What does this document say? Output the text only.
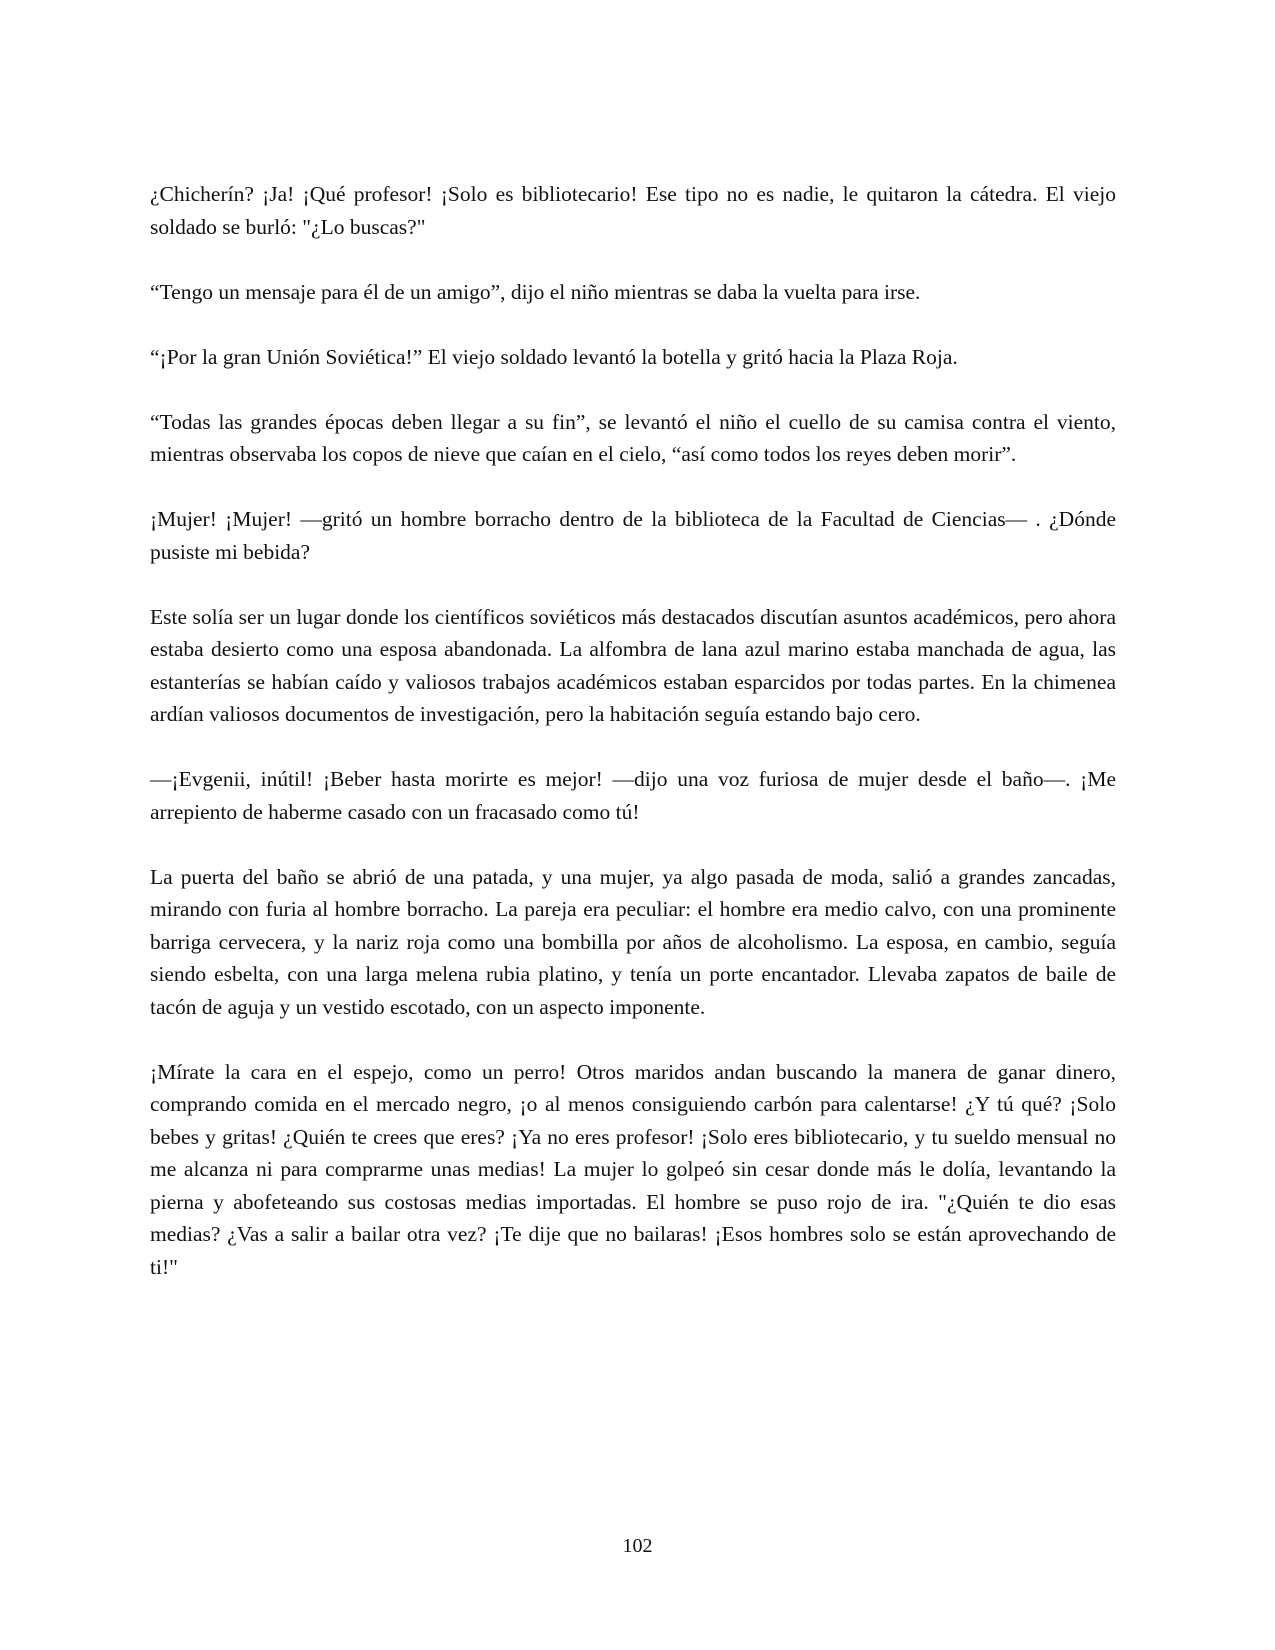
¿Chicherín? ¡Ja! ¡Qué profesor! ¡Solo es bibliotecario! Ese tipo no es nadie, le quitaron la cátedra. El viejo soldado se burló: "¿Lo buscas?"

“Tengo un mensaje para él de un amigo”, dijo el niño mientras se daba la vuelta para irse.

“¡Por la gran Unión Soviética!” El viejo soldado levantó la botella y gritó hacia la Plaza Roja.

“Todas las grandes épocas deben llegar a su fin”, se levantó el niño el cuello de su camisa contra el viento, mientras observaba los copos de nieve que caían en el cielo, “así como todos los reyes deben morir”.

¡Mujer! ¡Mujer! —gritó un hombre borracho dentro de la biblioteca de la Facultad de Ciencias— . ¿Dónde pusiste mi bebida?

Este solía ser un lugar donde los científicos soviéticos más destacados discutían asuntos académicos, pero ahora estaba desierto como una esposa abandonada. La alfombra de lana azul marino estaba manchada de agua, las estanterías se habían caído y valiosos trabajos académicos estaban esparcidos por todas partes. En la chimenea ardían valiosos documentos de investigación, pero la habitación seguía estando bajo cero.

—¡Evgenii, inútil! ¡Beber hasta morirte es mejor! —dijo una voz furiosa de mujer desde el baño—. ¡Me arrepiento de haberme casado con un fracasado como tú!

La puerta del baño se abrió de una patada, y una mujer, ya algo pasada de moda, salió a grandes zancadas, mirando con furia al hombre borracho. La pareja era peculiar: el hombre era medio calvo, con una prominente barriga cervecera, y la nariz roja como una bombilla por años de alcoholismo. La esposa, en cambio, seguía siendo esbelta, con una larga melena rubia platino, y tenía un porte encantador. Llevaba zapatos de baile de tacón de aguja y un vestido escotado, con un aspecto imponente.

¡Mírate la cara en el espejo, como un perro! Otros maridos andan buscando la manera de ganar dinero, comprando comida en el mercado negro, ¡o al menos consiguiendo carbón para calentarse! ¿Y tú qué? ¡Solo bebes y gritas! ¿Quién te crees que eres? ¡Ya no eres profesor! ¡Solo eres bibliotecario, y tu sueldo mensual no me alcanza ni para comprarme unas medias! La mujer lo golpeó sin cesar donde más le dolía, levantando la pierna y abofeteando sus costosas medias importadas. El hombre se puso rojo de ira. "¿Quién te dio esas medias? ¿Vas a salir a bailar otra vez? ¡Te dije que no bailaras! ¡Esos hombres solo se están aprovechando de ti!"

102
